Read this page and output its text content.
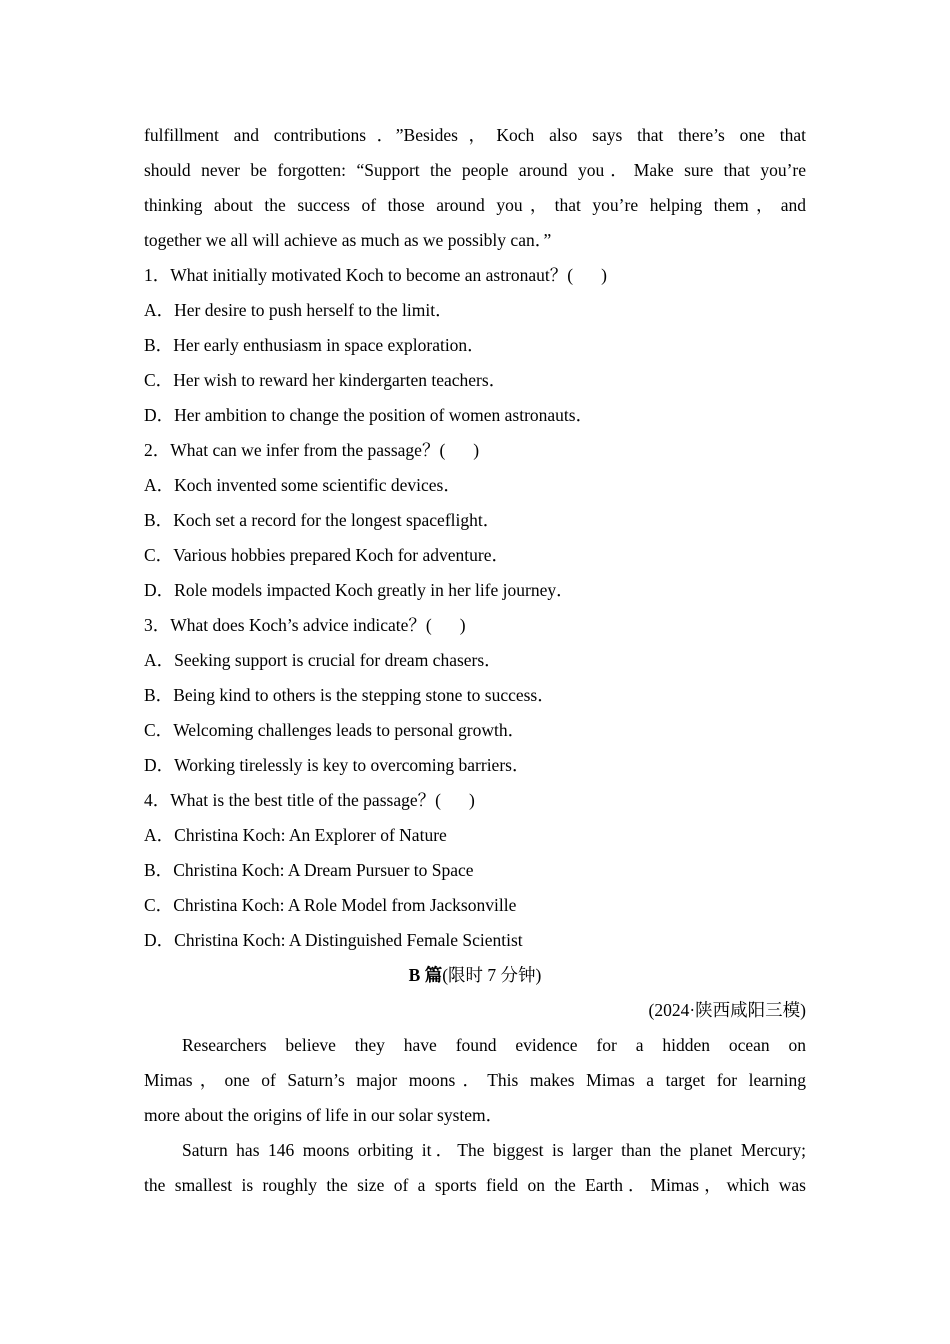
fulfillment and contributions．”Besides，Koch also says that there’s one that
should never be forgotten: “Support the people around you．Make sure that you’re
thinking about the success of those around you，that you’re helping them，and
together we all will achieve as much as we possibly can．”
1．What initially motivated Koch to become an astronaut？( )
A．Her desire to push herself to the limit．
B．Her early enthusiasm in space exploration．
C．Her wish to reward her kindergarten teachers．
D．Her ambition to change the position of women astronauts．
2．What can we infer from the passage？( )
A．Koch invented some scientific devices．
B．Koch set a record for the longest spaceflight．
C．Various hobbies prepared Koch for adventure．
D．Role models impacted Koch greatly in her life journey．
3．What does Koch’s advice indicate？( )
A．Seeking support is crucial for dream chasers．
B．Being kind to others is the stepping stone to success．
C．Welcoming challenges leads to personal growth．
D．Working tirelessly is key to overcoming barriers．
4．What is the best title of the passage？( )
A．Christina Koch: An Explorer of Nature
B．Christina Koch: A Dream Pursuer to Space
C．Christina Koch: A Role Model from Jacksonville
D．Christina Koch: A Distinguished Female Scientist
B 篇(限时 7 分钟)
(2024·陕西咸阳三模)
Researchers believe they have found evidence for a hidden ocean on
Mimas，one of Saturn’s major moons．This makes Mimas a target for learning
more about the origins of life in our solar system．
Saturn has 146 moons orbiting it．The biggest is larger than the planet Mercury;
the smallest is roughly the size of a sports field on the Earth．Mimas，which was
